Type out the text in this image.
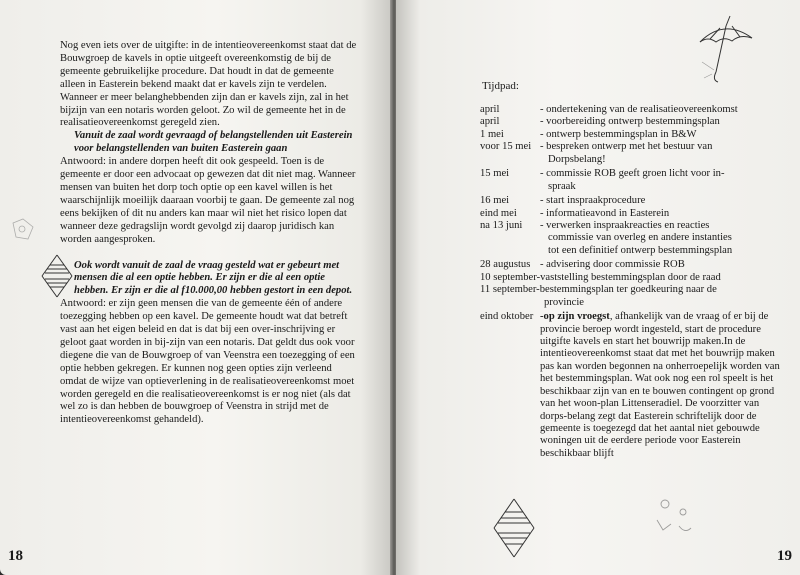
Nog even iets over de uitgifte: in de intentieovereenkomst staat dat de Bouwgroep de kavels in optie uitgeeft overeenkomstig de bij de gemeente gebruikelijke procedure. Dat houdt in dat de gemeente alleen in Easterein bekend maakt dat er kavels zijn te verdelen. Wanneer er meer belanghebbenden zijn dan er kavels zijn, zal in het bijzijn van een notaris worden geloot. Zo wil de gemeente het in de realisatieovereenkomst geregeld zien.

Vanuit de zaal wordt gevraagd of belangstellenden uit Easterein voor belangstellenden van buiten Easterein gaan

Antwoord: in andere dorpen heeft dit ook gespeeld. Toen is de gemeente er door een advocaat op gewezen dat dit niet mag. Wanneer mensen van buiten het dorp toch optie op een kavel willen is het waarschijnlijk moeilijk daaraan voorbij te gaan. De gemeente zal nog eens bekijken of dit nu anders kan maar wil niet het risico lopen dat wanneer deze gedragslijn wordt gevolgd zij daarop juridisch kan worden aangesproken.

Ook wordt vanuit de zaal de vraag gesteld wat er gebeurt met mensen die al een optie hebben. Er zijn er die al een optie hebben. Er zijn er die al f10.000,00 hebben gestort in een depot.

Antwoord: er zijn geen mensen die van de gemeente één of andere toezegging hebben op een kavel. De gemeente houdt wat dat betreft vast aan het eigen beleid en dat is dat bij een over-inschrijving er geloot gaat worden in bij-zijn van een notaris. Dat geldt dus ook voor diegene die van de Bouwgroep of van Veenstra een toezegging of een optie hebben gekregen. Er kunnen nog geen opties zijn verleend omdat de wijze van optieverlening in de realisatieovereenkomst moet worden geregeld en die realisatieovereenkomst is er nog niet (als dat wel zo is dan hebben de bouwgroep of Veenstra in strijd met de intentieovereenkomst gehandeld).

18
Tijdpad:
april	- ondertekening van de realisatieovereenkomst
april	- voorbereiding ontwerp bestemmingsplan
1 mei	- ontwerp bestemmingsplan in B&W
voor 15 mei - bespreken ontwerp met het bestuur van
Dorpsbelang!
15 mei	- commissie ROB geeft groen licht voor in-
spraak
16 mei	- start inspraakprocedure
eind mei - informatieavond in Easterein
na 13 juni - verwerken inspraakreacties en reacties
commissie van overleg en andere instanties
tot een definitief ontwerp bestemmingsplan
28 augustus - advisering door commissie ROB
10 september-vaststelling bestemmingsplan door de raad
11 september-bestemmingsplan ter goedkeuring naar de
provincie
eind oktober -op zijn vroegst, afhankelijk van de vraag of er bij de provincie beroep wordt ingesteld, start de procedure uitgifte kavels en start het bouwrijp maken.In de intentieovereenkomst staat dat met het bouwrijp maken pas kan worden begonnen na onherroepelijk worden van het bestemmingsplan. Wat ook nog een rol speelt is het beschikbaar zijn van en te bouwen contingent op grond van het woon-plan Littenseradiel. De voorzitter van dorps-belang zegt dat Easterein schriftelijk door de gemeente is toegezegd dat het aantal niet gebouwde woningen uit de eerdere periode voor Easterein beschikbaar blijft
19
